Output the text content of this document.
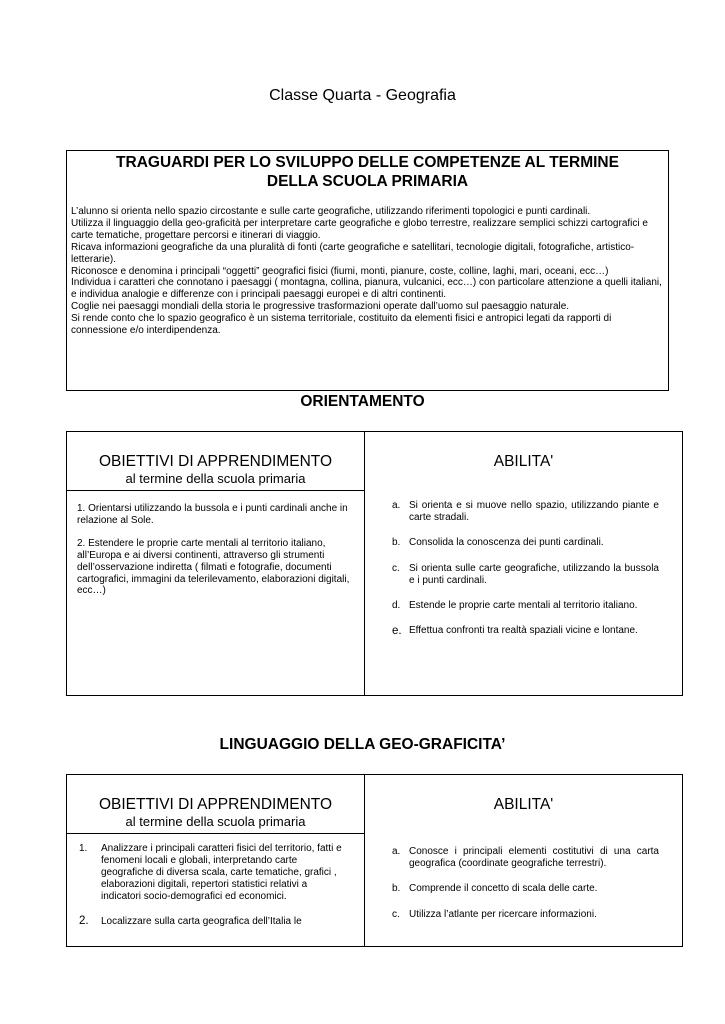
Classe Quarta - Geografia
TRAGUARDI PER LO SVILUPPO DELLE COMPETENZE AL TERMINE
DELLA SCUOLA PRIMARIA
L’alunno si orienta nello spazio circostante e sulle carte geografiche, utilizzando riferimenti topologici e punti cardinali.
Utilizza il linguaggio della geo-graficità per interpretare carte geografiche e globo terrestre, realizzare semplici schizzi cartografici e carte tematiche, progettare percorsi e itinerari di viaggio.
Ricava informazioni geografiche da una pluralità di fonti (carte geografiche e satellitari, tecnologie digitali, fotografiche, artistico-letterarie).
Riconosce e denomina i principali “oggetti” geografici fisici (fiumi, monti, pianure, coste, colline, laghi, mari, oceani, ecc…)
Individua i caratteri che connotano i paesaggi ( montagna, collina, pianura, vulcanici, ecc…) con particolare attenzione a quelli italiani, e individua analogie e differenze con i principali paesaggi europei e di altri continenti.
Coglie nei paesaggi mondiali della storia le progressive trasformazioni operate dall’uomo sul paesaggio naturale.
Si rende conto che lo spazio geografico è un sistema territoriale, costituito da elementi fisici e antropici legati da rapporti di connessione e/o interdipendenza.
ORIENTAMENTO
OBIETTIVI DI APPRENDIMENTO
al termine della scuola primaria
ABILITA'

1. Orientarsi utilizzando la bussola e i punti cardinali anche in relazione al Sole.

2. Estendere le proprie carte mentali al territorio italiano, all’Europa e ai diversi continenti, attraverso gli strumenti dell’osservazione indiretta ( filmati e fotografie, documenti cartografici, immagini da telerilevamento, elaborazioni digitali, ecc…)

a. Si orienta e si muove nello spazio, utilizzando piante e carte stradali.
b. Consolida la conoscenza dei punti cardinali.
c. Si orienta sulle carte geografiche, utilizzando la bussola e i punti cardinali.
d. Estende le proprie carte mentali al territorio italiano.
e. Effettua confronti tra realtà spaziali vicine e lontane.
LINGUAGGIO DELLA GEO-GRAFICITA’
OBIETTIVI DI APPRENDIMENTO
al termine della scuola primaria
ABILITA'
1. Analizzare i principali caratteri fisici del territorio, fatti e fenomeni locali e globali, interpretando carte geografiche di diversa scala, carte tematiche, grafici , elaborazioni digitali, repertori statistici relativi a indicatori socio-demografici ed economici.
2. Localizzare sulla carta geografica dell’Italia le
a. Conosce i principali elementi costitutivi di una carta geografica (coordinate geografiche terrestri).
b. Comprende il concetto di scala delle carte.
c. Utilizza l’atlante per ricercare informazioni.
